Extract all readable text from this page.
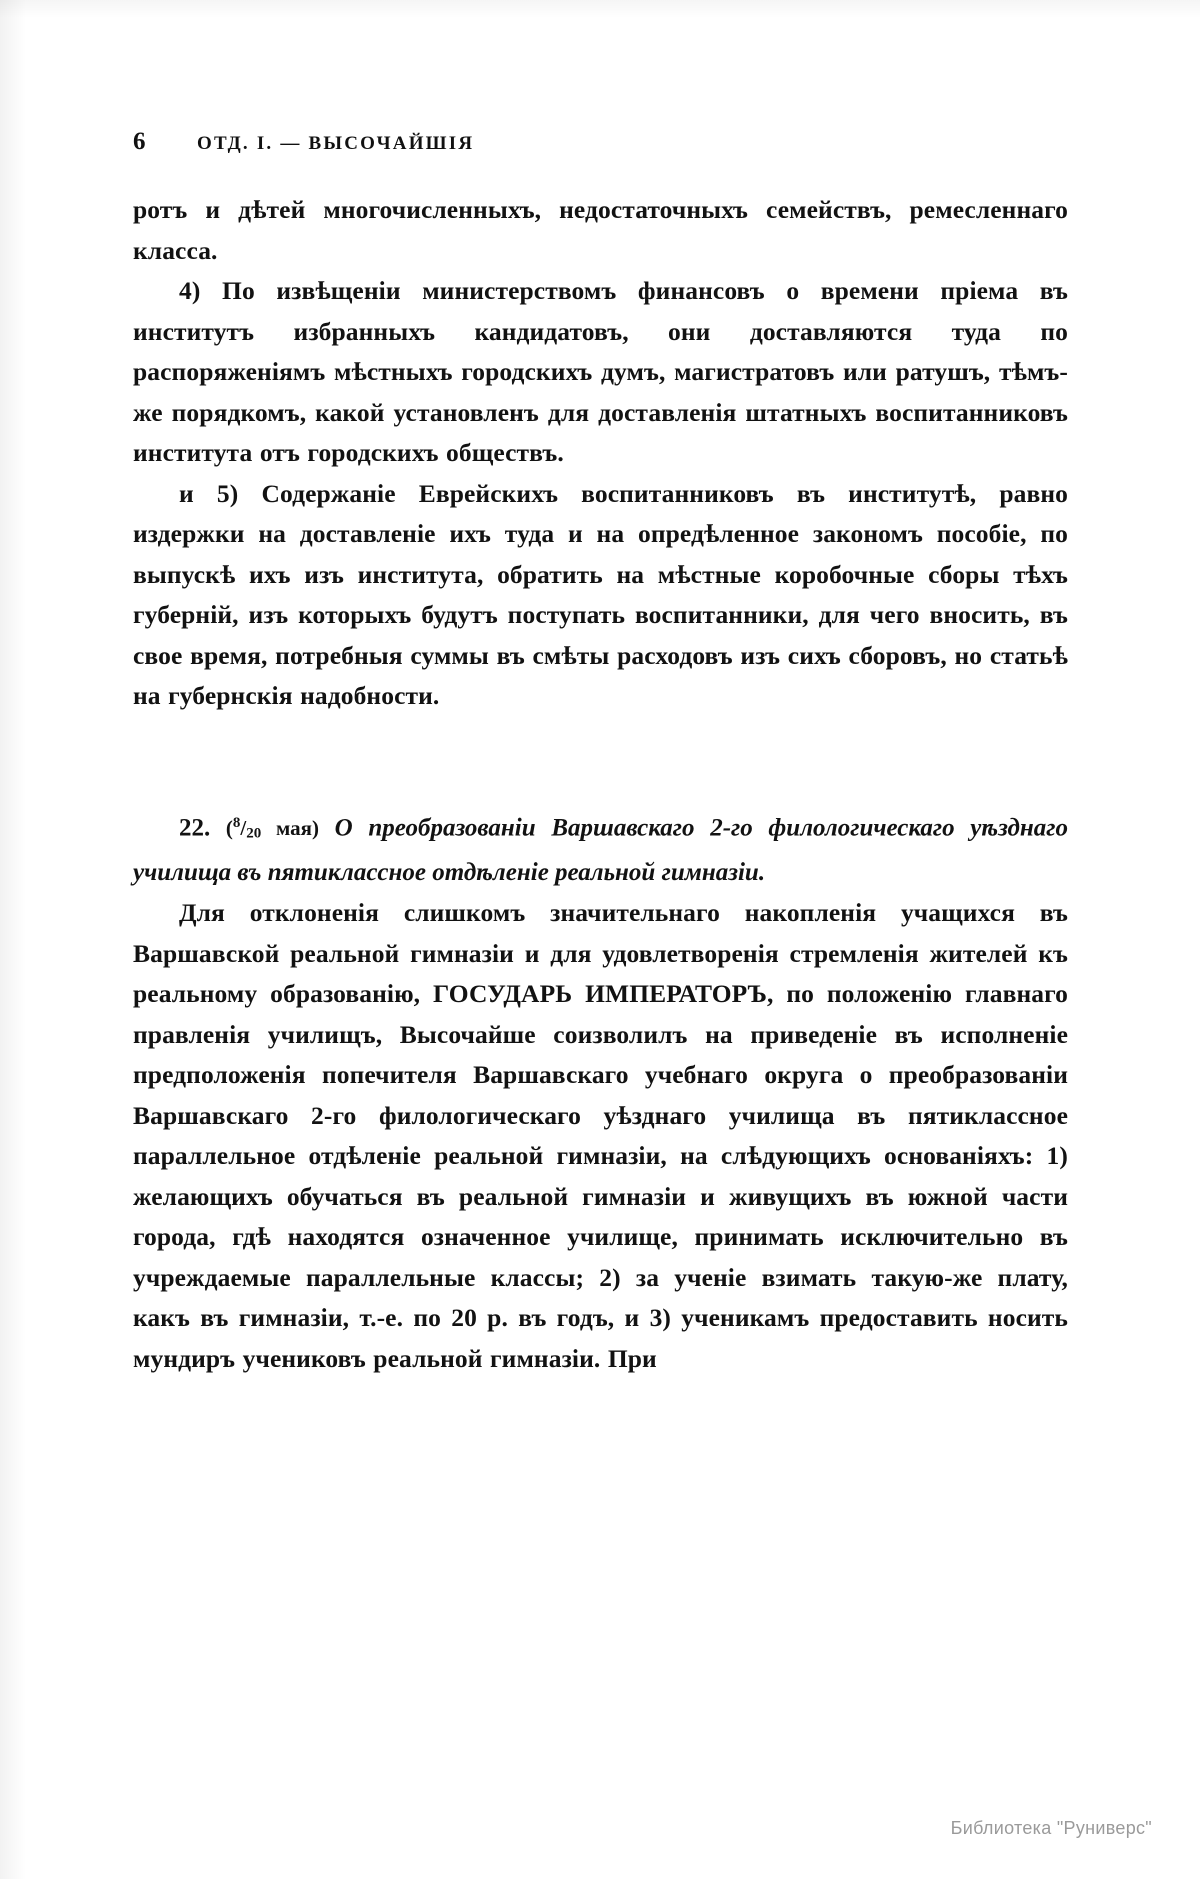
6	ОТД. I. — ВЫСОЧАЙШIЯ

ротъ и дѣтей многочисленныхъ, недостаточныхъ семействъ, ремесленнаго класса.

4) По извѣщеніи министерствомъ финансовъ о времени пріема въ институтъ избранныхъ кандидатовъ, они доставляются туда по распоряженіямъ мѣстныхъ городскихъ думъ, магистратовъ или ратушъ, тѣмъ-же порядкомъ, какой установленъ для доставленія штатныхъ воспитанниковъ института отъ городскихъ обществъ.

и 5) Содержаніе Еврейскихъ воспитанниковъ въ институтѣ, равно издержки на доставленіе ихъ туда и на опредѣленное закономъ пособіе, по выпускѣ ихъ изъ института, обратить на мѣстные коробочные сборы тѣхъ губерній, изъ которыхъ будутъ поступать воспитанники, для чего вносить, въ свое время, потребныя суммы въ смѣты расходовъ изъ сихъ сборовъ, но статьѣ на губернскія надобности.

22. ($^8/_{20}$ мая) О преобразованіи Варшавскаго 2-го филологическаго уѣзднаго училища въ пятиклассное отдѣленіе реальной гимназіи.

Для отклоненія слишкомъ значительнаго накопленія учащихся въ Варшавской реальной гимназіи и для удовлетворенія стремленія жителей къ реальному образованію, ГОСУДАРЬ ИМПЕРАТОРЪ, по положенію главнаго правленія училищъ, Высочайше соизволилъ на приведеніе въ исполненіе предположенія попечителя Варшавскаго учебнаго округа о преобразованіи Варшавскаго 2-го филологическаго уѣзднаго училища въ пятиклассное параллельное отдѣленіе реальной гимназіи, на слѣдующихъ основаніяхъ: 1) желающихъ обучаться въ реальной гимназіи и живущихъ въ южной части города, гдѣ находятся означенное училище, принимать исключительно въ учреждаемые параллельные классы; 2) за ученіе взимать такую-же плату, какъ въ гимназіи, т.-е. по 20 р. въ годъ, и 3) ученикамъ предоставить носить мундиръ учениковъ реальной гимназіи. При

Библиотека "Руниверс"
